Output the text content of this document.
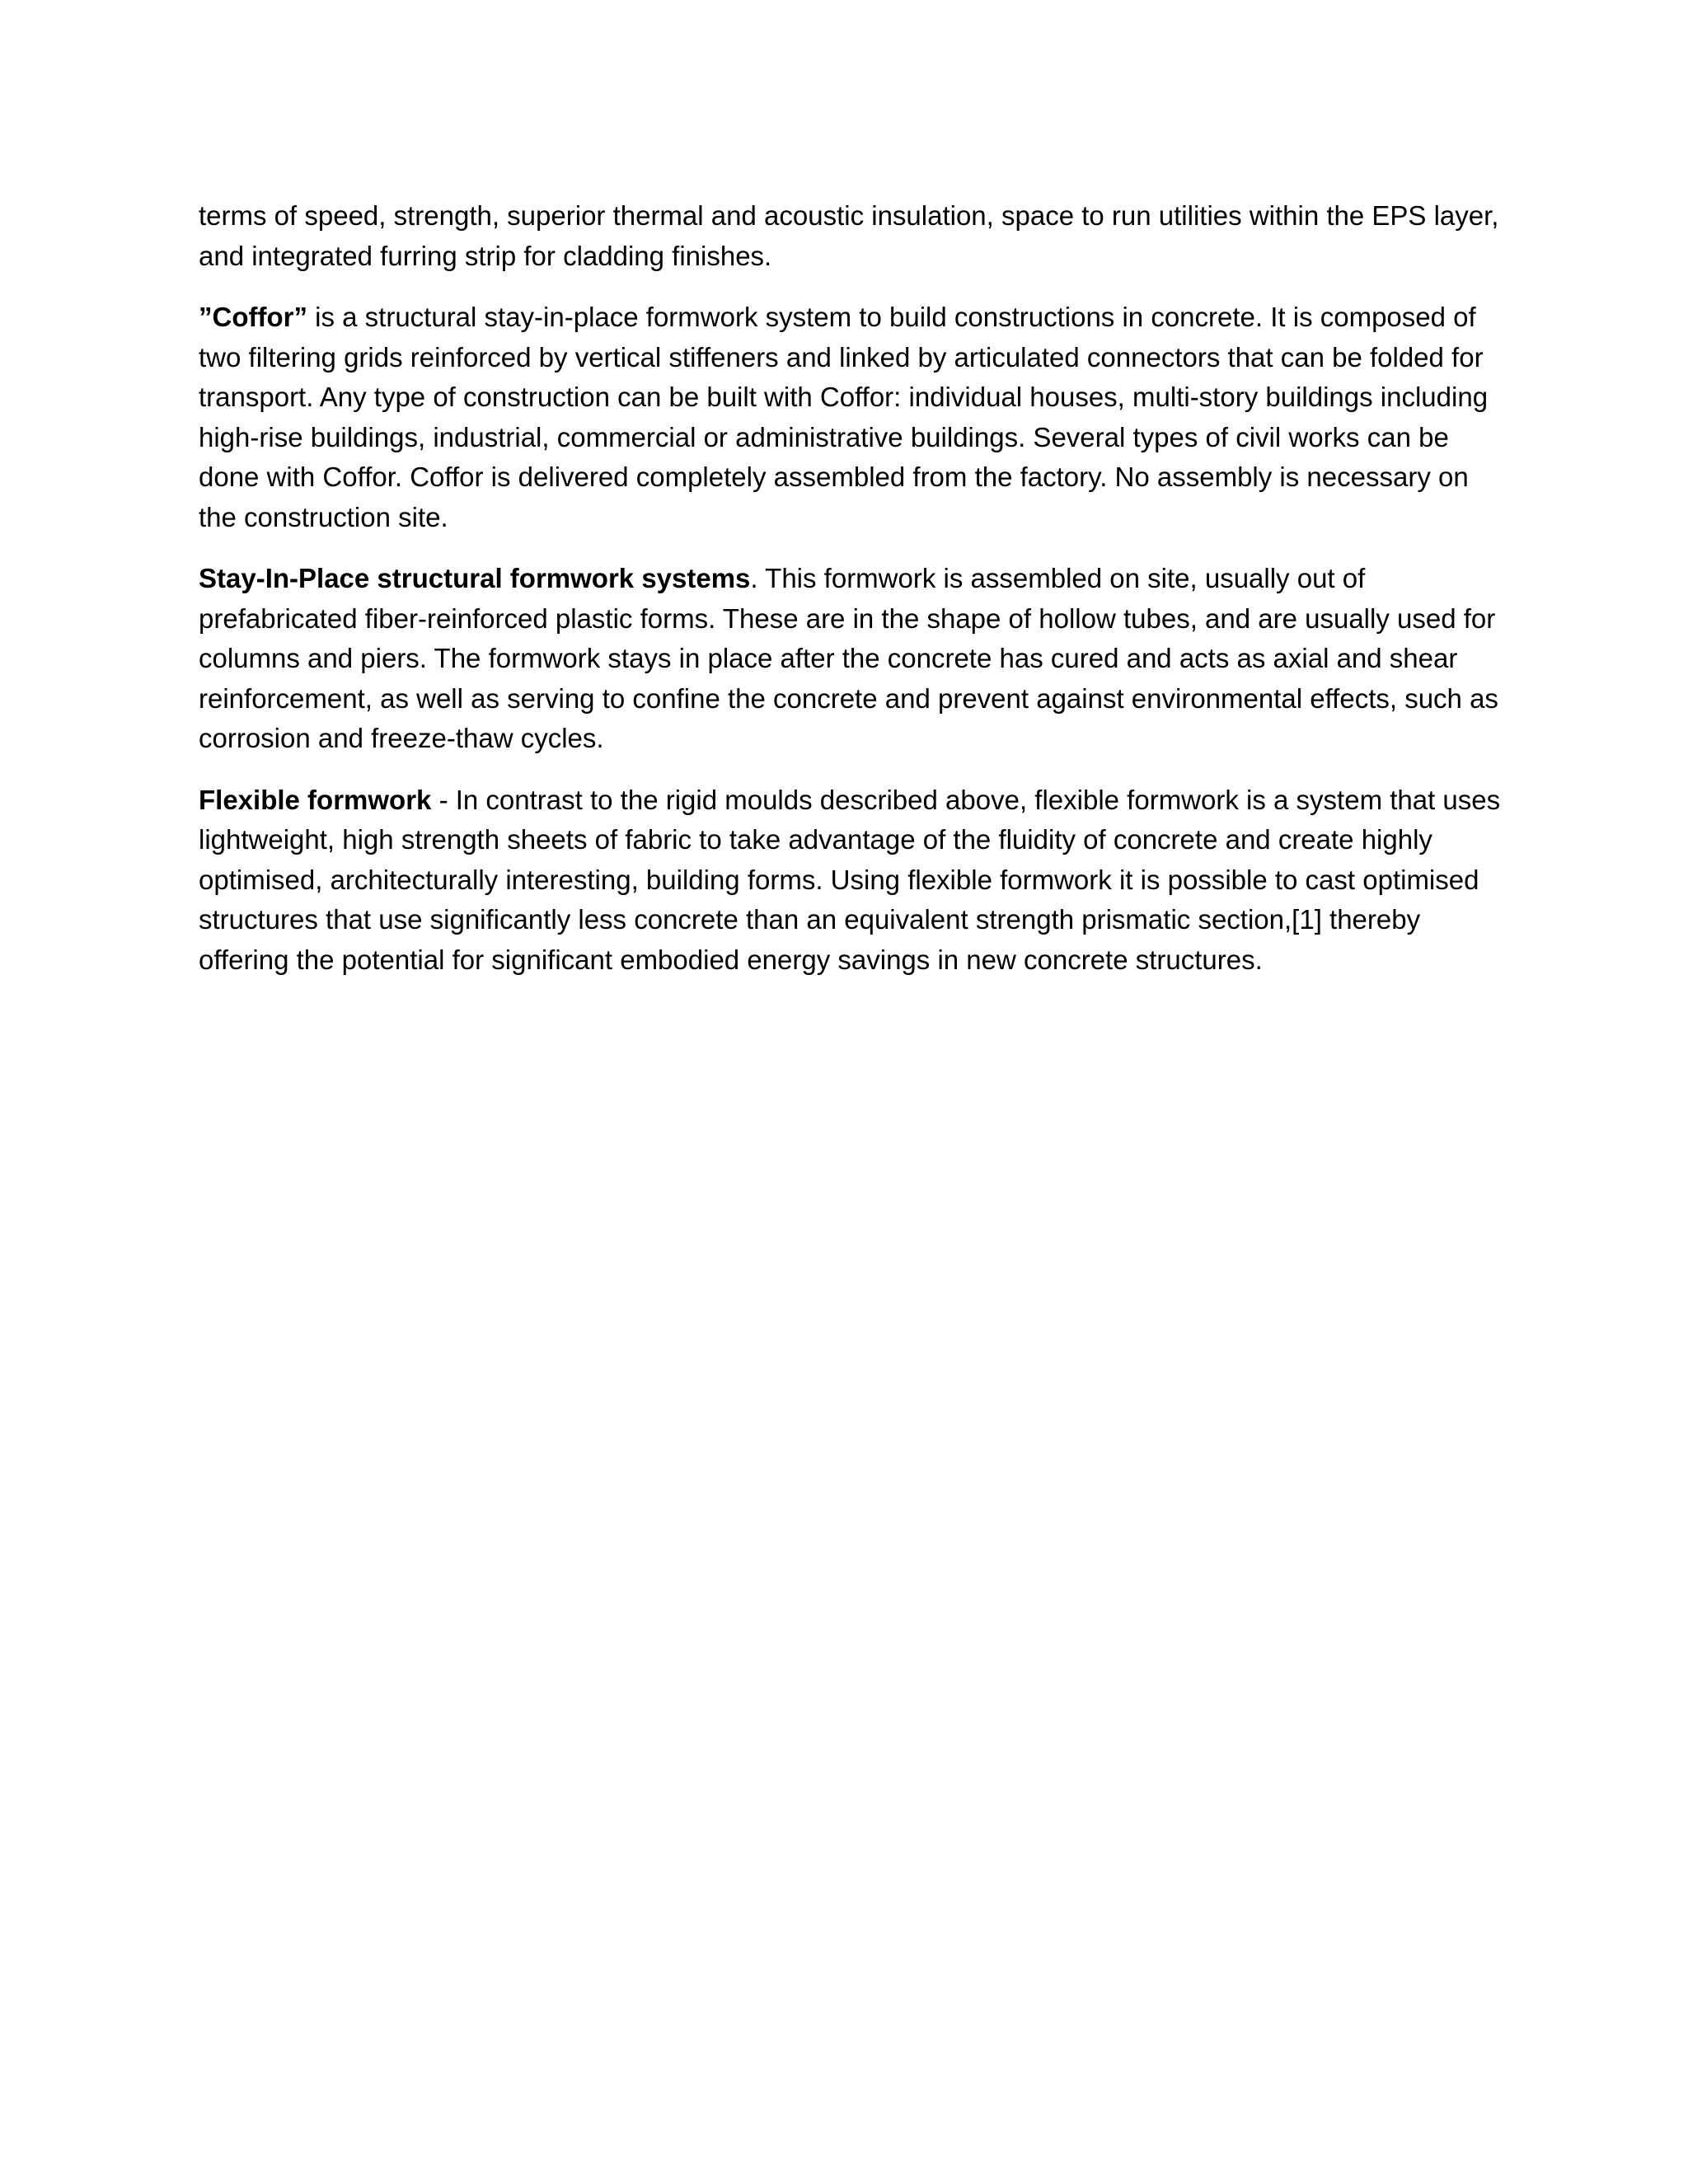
terms of speed, strength, superior thermal and acoustic insulation, space to run utilities within the EPS layer, and integrated furring strip for cladding finishes.

”Coffor” is a structural stay-in-place formwork system to build constructions in concrete. It is composed of two filtering grids reinforced by vertical stiffeners and linked by articulated connectors that can be folded for transport. Any type of construction can be built with Coffor: individual houses, multi-story buildings including high-rise buildings, industrial, commercial or administrative buildings. Several types of civil works can be done with Coffor. Coffor is delivered completely assembled from the factory. No assembly is necessary on the construction site.

Stay-In-Place structural formwork systems. This formwork is assembled on site, usually out of prefabricated fiber-reinforced plastic forms. These are in the shape of hollow tubes, and are usually used for columns and piers. The formwork stays in place after the concrete has cured and acts as axial and shear reinforcement, as well as serving to confine the concrete and prevent against environmental effects, such as corrosion and freeze-thaw cycles.

Flexible formwork - In contrast to the rigid moulds described above, flexible formwork is a system that uses lightweight, high strength sheets of fabric to take advantage of the fluidity of concrete and create highly optimised, architecturally interesting, building forms. Using flexible formwork it is possible to cast optimised structures that use significantly less concrete than an equivalent strength prismatic section,[1] thereby offering the potential for significant embodied energy savings in new concrete structures.
